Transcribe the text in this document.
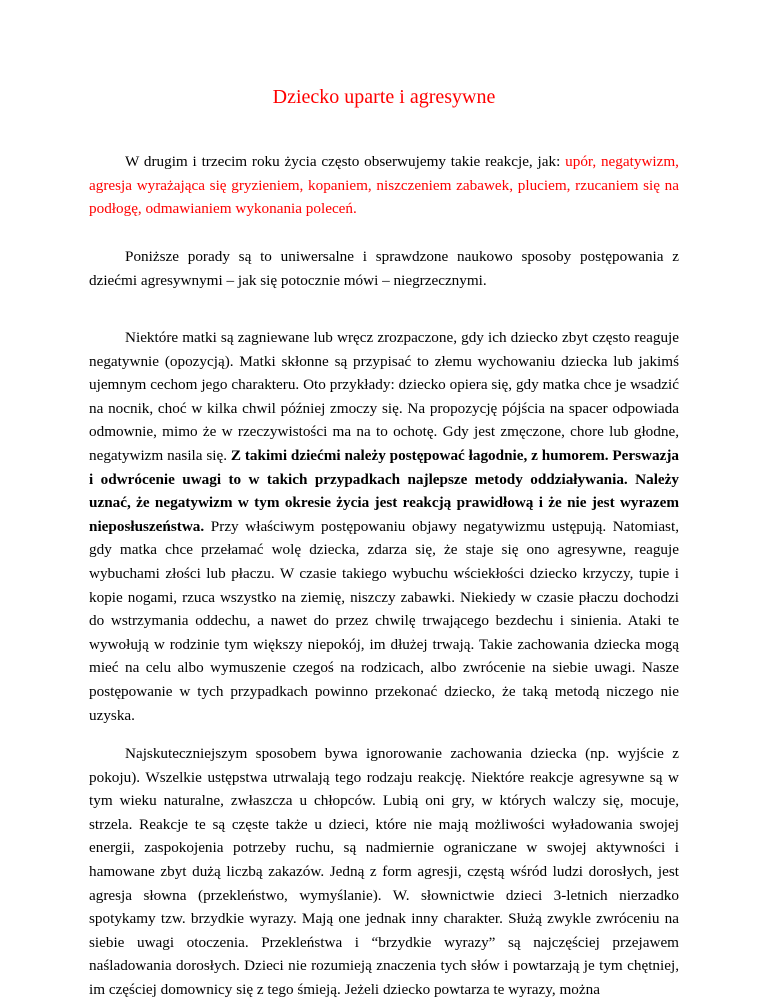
Dziecko uparte i agresywne

W drugim i trzecim roku życia często obserwujemy takie reakcje, jak: upór, negatywizm, agresja wyrażająca się gryzieniem, kopaniem, niszczeniem zabawek, pluciem, rzucaniem się na podłogę, odmawianiem wykonania poleceń.

Poniższe porady są to uniwersalne i sprawdzone naukowo sposoby postępowania z dziećmi agresywnymi – jak się potocznie mówi – niegrzecznymi.

Niektóre matki są zagniewane lub wręcz zrozpaczone, gdy ich dziecko zbyt często reaguje negatywnie (opozycją). Matki skłonne są przypisać to złemu wychowaniu dziecka lub jakimś ujemnym cechom jego charakteru. Oto przykłady: dziecko opiera się, gdy matka chce je wsadzić na nocnik, choć w kilka chwil później zmoczy się. Na propozycję pójścia na spacer odpowiada odmownie, mimo że w rzeczywistości ma na to ochotę. Gdy jest zmęczone, chore lub głodne, negatywizm nasila się. Z takimi dziećmi należy postępować łagodnie, z humorem. Perswazja i odwrócenie uwagi to w takich przypadkach najlepsze metody oddziaływania. Należy uznać, że negatywizm w tym okresie życia jest reakcją prawidłową i że nie jest wyrazem nieposłuszeństwa. Przy właściwym postępowaniu objawy negatywizmu ustępują. Natomiast, gdy matka chce przełamać wolę dziecka, zdarza się, że staje się ono agresywne, reaguje wybuchami złości lub płaczu. W czasie takiego wybuchu wściekłości dziecko krzyczy, tupie i kopie nogami, rzuca wszystko na ziemię, niszczy zabawki. Niekiedy w czasie płaczu dochodzi do wstrzymania oddechu, a nawet do przez chwilę trwającego bezdechu i sinienia. Ataki te wywołują w rodzinie tym większy niepokój, im dłużej trwają. Takie zachowania dziecka mogą mieć na celu albo wymuszenie czegoś na rodzicach, albo zwrócenie na siebie uwagi. Nasze postępowanie w tych przypadkach powinno przekonać dziecko, że taką metodą niczego nie uzyska.

Najskuteczniejszym sposobem bywa ignorowanie zachowania dziecka (np. wyjście z pokoju). Wszelkie ustępstwa utrwalają tego rodzaju reakcję. Niektóre reakcje agresywne są w tym wieku naturalne, zwłaszcza u chłopców. Lubią oni gry, w których walczy się, mocuje, strzela. Reakcje te są częste także u dzieci, które nie mają możliwości wyładowania swojej energii, zaspokojenia potrzeby ruchu, są nadmiernie ograniczane w swojej aktywności i hamowane zbyt dużą liczbą zakazów. Jedną z form agresji, częstą wśród ludzi dorosłych, jest agresja słowna (przekleństwo, wymyślanie). W. słownictwie dzieci 3-letnich nierzadko spotykamy tzw. brzydkie wyrazy. Mają one jednak inny charakter. Służą zwykle zwróceniu na siebie uwagi otoczenia. Przekleństwa i “brzydkie wyrazy” są najczęściej przejawem naśladowania dorosłych. Dzieci nie rozumieją znaczenia tych słów i powtarzają je tym chętniej, im częściej domownicy się z tego śmieją. Jeżeli dziecko powtarza te wyrazy, można
